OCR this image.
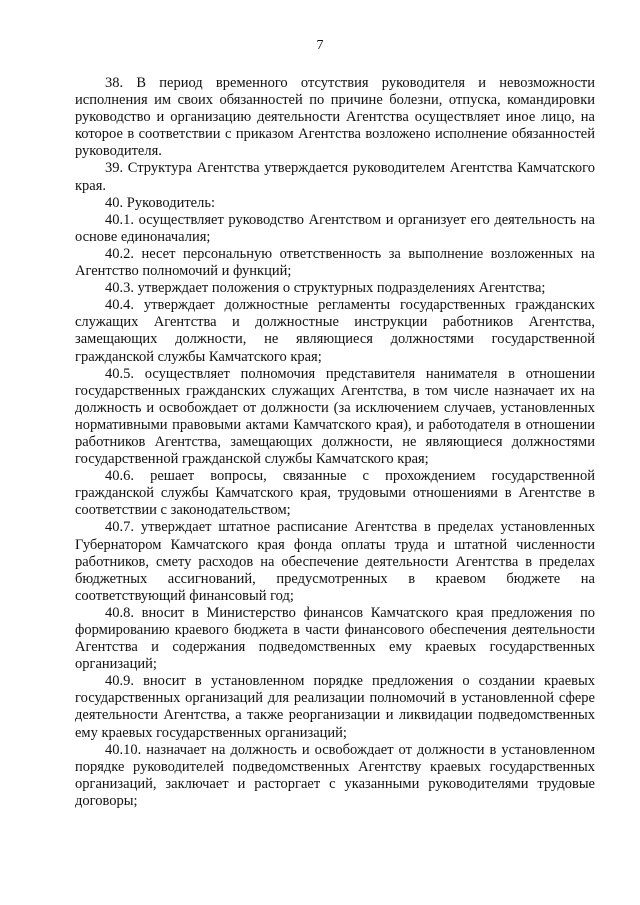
7

38. В период временного отсутствия руководителя и невозможности исполнения им своих обязанностей по причине болезни, отпуска, командировки руководство и организацию деятельности Агентства осуществляет иное лицо, на которое в соответствии с приказом Агентства возложено исполнение обязанностей руководителя.

39. Структура Агентства утверждается руководителем Агентства Камчатского края.

40. Руководитель:

40.1. осуществляет руководство Агентством и организует его деятельность на основе единоначалия;

40.2. несет персональную ответственность за выполнение возложенных на Агентство полномочий и функций;

40.3. утверждает положения о структурных подразделениях Агентства;

40.4. утверждает должностные регламенты государственных гражданских служащих Агентства и должностные инструкции работников Агентства, замещающих должности, не являющиеся должностями государственной гражданской службы Камчатского края;

40.5. осуществляет полномочия представителя нанимателя в отношении государственных гражданских служащих Агентства, в том числе назначает их на должность и освобождает от должности (за исключением случаев, установленных нормативными правовыми актами Камчатского края), и работодателя в отношении работников Агентства, замещающих должности, не являющиеся должностями государственной гражданской службы Камчатского края;

40.6. решает вопросы, связанные с прохождением государственной гражданской службы Камчатского края, трудовыми отношениями в Агентстве в соответствии с законодательством;

40.7. утверждает штатное расписание Агентства в пределах установленных Губернатором Камчатского края фонда оплаты труда и штатной численности работников, смету расходов на обеспечение деятельности Агентства в пределах бюджетных ассигнований, предусмотренных в краевом бюджете на соответствующий финансовый год;

40.8. вносит в Министерство финансов Камчатского края предложения по формированию краевого бюджета в части финансового обеспечения деятельности Агентства и содержания подведомственных ему краевых государственных организаций;

40.9. вносит в установленном порядке предложения о создании краевых государственных организаций для реализации полномочий в установленной сфере деятельности Агентства, а также реорганизации и ликвидации подведомственных ему краевых государственных организаций;

40.10. назначает на должность и освобождает от должности в установленном порядке руководителей подведомственных Агентству краевых государственных организаций, заключает и расторгает с указанными руководителями трудовые договоры;
